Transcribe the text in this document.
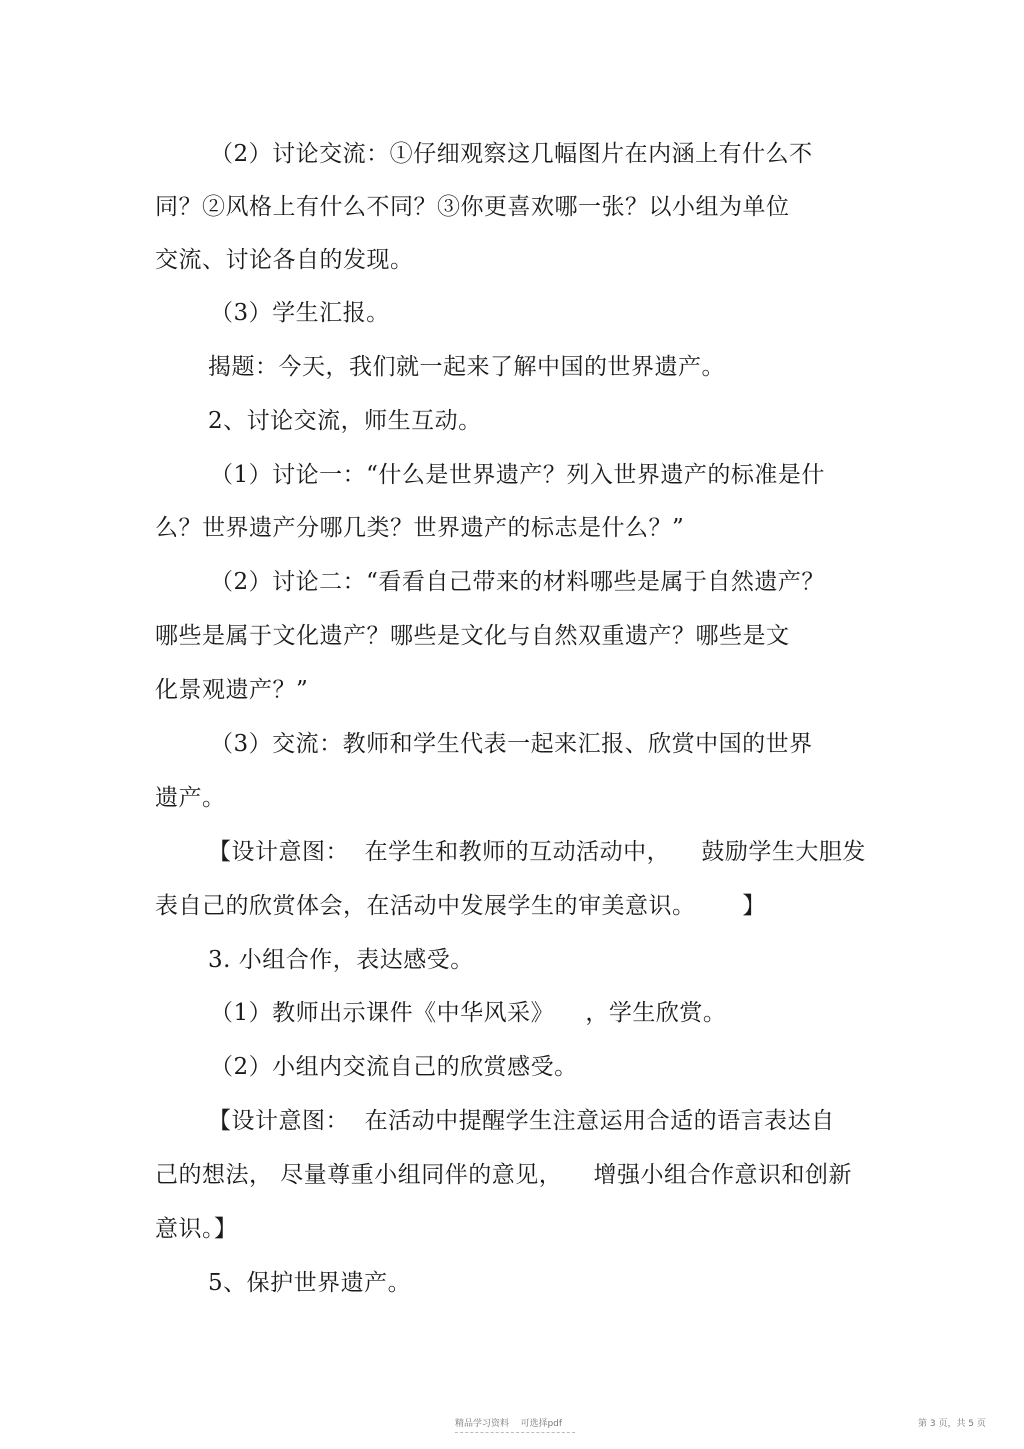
（2）讨论交流：①仔细观察这几幅图片在内涵上有什么不
同？②风格上有什么不同？③你更喜欢哪一张？以小组为单位
交流、讨论各自的发现。
（3）学生汇报。
揭题：今天，我们就一起来了解中国的世界遗产。
2、讨论交流，师生互动。
（1）讨论一：“什么是世界遗产？列入世界遗产的标准是什
么？世界遗产分哪几类？世界遗产的标志是什么？”
（2）讨论二：“看看自己带来的材料哪些是属于自然遗产？
哪些是属于文化遗产？哪些是文化与自然双重遗产？哪些是文
化景观遗产？”
（3）交流：教师和学生代表一起来汇报、欣赏中国的世界
遗产。
【设计意图：  在学生和教师的互动活动中，    鼓励学生大胆发
表自己的欣赏体会，在活动中发展学生的审美意识。      】
3. 小组合作，表达感受。
（1）教师出示课件《中华风采》    ，学生欣赏。
（2）小组内交流自己的欣赏感受。
【设计意图：  在活动中提醒学生注意运用合适的语言表达自
己的想法， 尽量尊重小组同伴的意见，    增强小组合作意识和创新
意识。】
5、保护世界遗产。
精品学习资料    可选择pdf	第 3 页，共 5 页
